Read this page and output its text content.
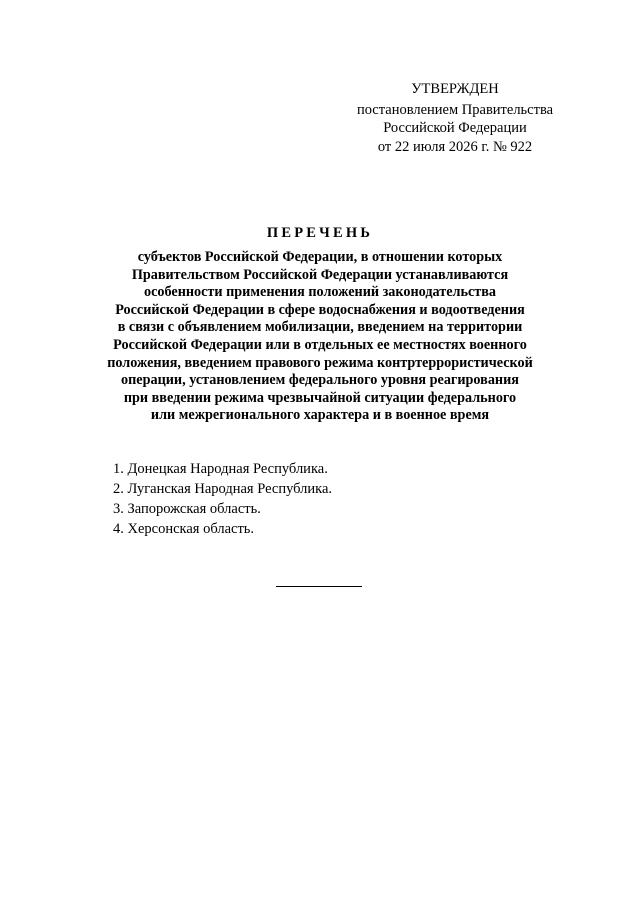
УТВЕРЖДЕН
постановлением Правительства
Российской Федерации
от 22 июля 2026 г. № 922
ПЕРЕЧЕНЬ
субъектов Российской Федерации, в отношении которых
Правительством Российской Федерации устанавливаются
особенности применения положений законодательства
Российской Федерации в сфере водоснабжения и водоотведения
в связи с объявлением мобилизации, введением на территории
Российской Федерации или в отдельных ее местностях военного
положения, введением правового режима контртеррористической
операции, установлением федерального уровня реагирования
при введении режима чрезвычайной ситуации федерального
или межрегионального характера и в военное время
1. Донецкая Народная Республика.
2. Луганская Народная Республика.
3. Запорожская область.
4. Херсонская область.
